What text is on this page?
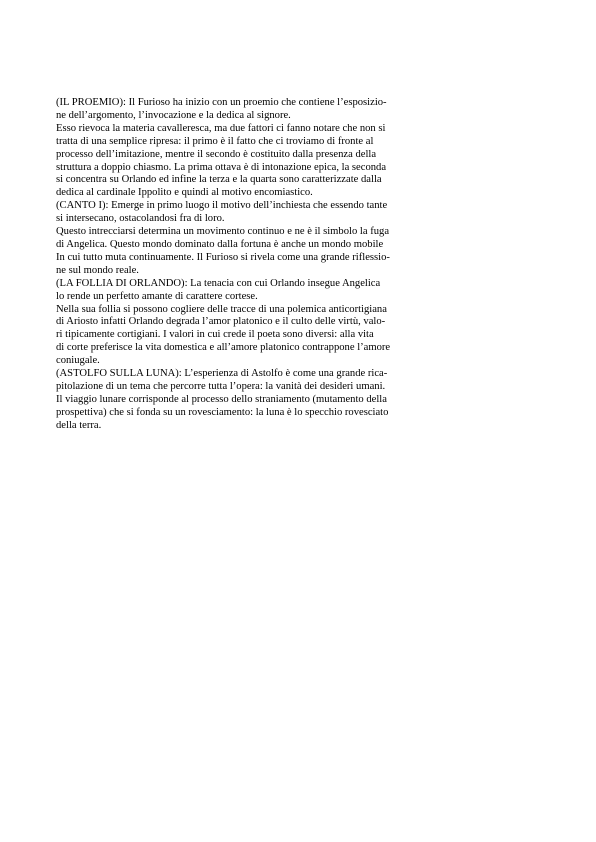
(IL PROEMIO): Il Furioso ha inizio con un proemio che contiene l’esposizio-
ne dell’argomento, l’invocazione e la dedica al signore.
Esso rievoca la materia cavalleresca, ma due fattori ci fanno notare che non si
tratta di una semplice ripresa: il primo è il fatto che ci troviamo di fronte al
processo dell’imitazione, mentre il secondo è costituito dalla presenza della
struttura a doppio chiasmo. La prima ottava è di intonazione epica, la seconda
si concentra su Orlando ed infine la terza e la quarta sono caratterizzate dalla
dedica al cardinale Ippolito e quindi al motivo encomiastico.
(CANTO I): Emerge in primo luogo il motivo dell’inchiesta che essendo tante
si intersecano, ostacolandosi fra di loro.
Questo intrecciarsi determina un movimento continuo e ne è il simbolo la fuga
di Angelica. Questo mondo dominato dalla fortuna è anche un mondo mobile
In cui tutto muta continuamente. Il Furioso si rivela come una grande riflessio-
ne sul mondo reale.
(LA FOLLIA DI ORLANDO): La tenacia con cui Orlando insegue Angelica
lo rende un perfetto amante di carattere cortese.
Nella sua follia si possono cogliere delle tracce di una polemica anticortigiana
di Ariosto infatti Orlando degrada l’amor platonico e il culto delle virtù, valo-
ri tipicamente cortigiani. I valori in cui crede il poeta sono diversi: alla vita
di corte preferisce la vita domestica e all’amore platonico contrappone l’amore
coniugale.
(ASTOLFO SULLA LUNA): L’esperienza di Astolfo è come una grande rica-
pitolazione di un tema che percorre tutta l’opera: la vanità dei desideri umani.
Il viaggio lunare corrisponde al processo dello straniamento (mutamento della
prospettiva) che si fonda su un rovesciamento: la luna è lo specchio rovesciato
della terra.
